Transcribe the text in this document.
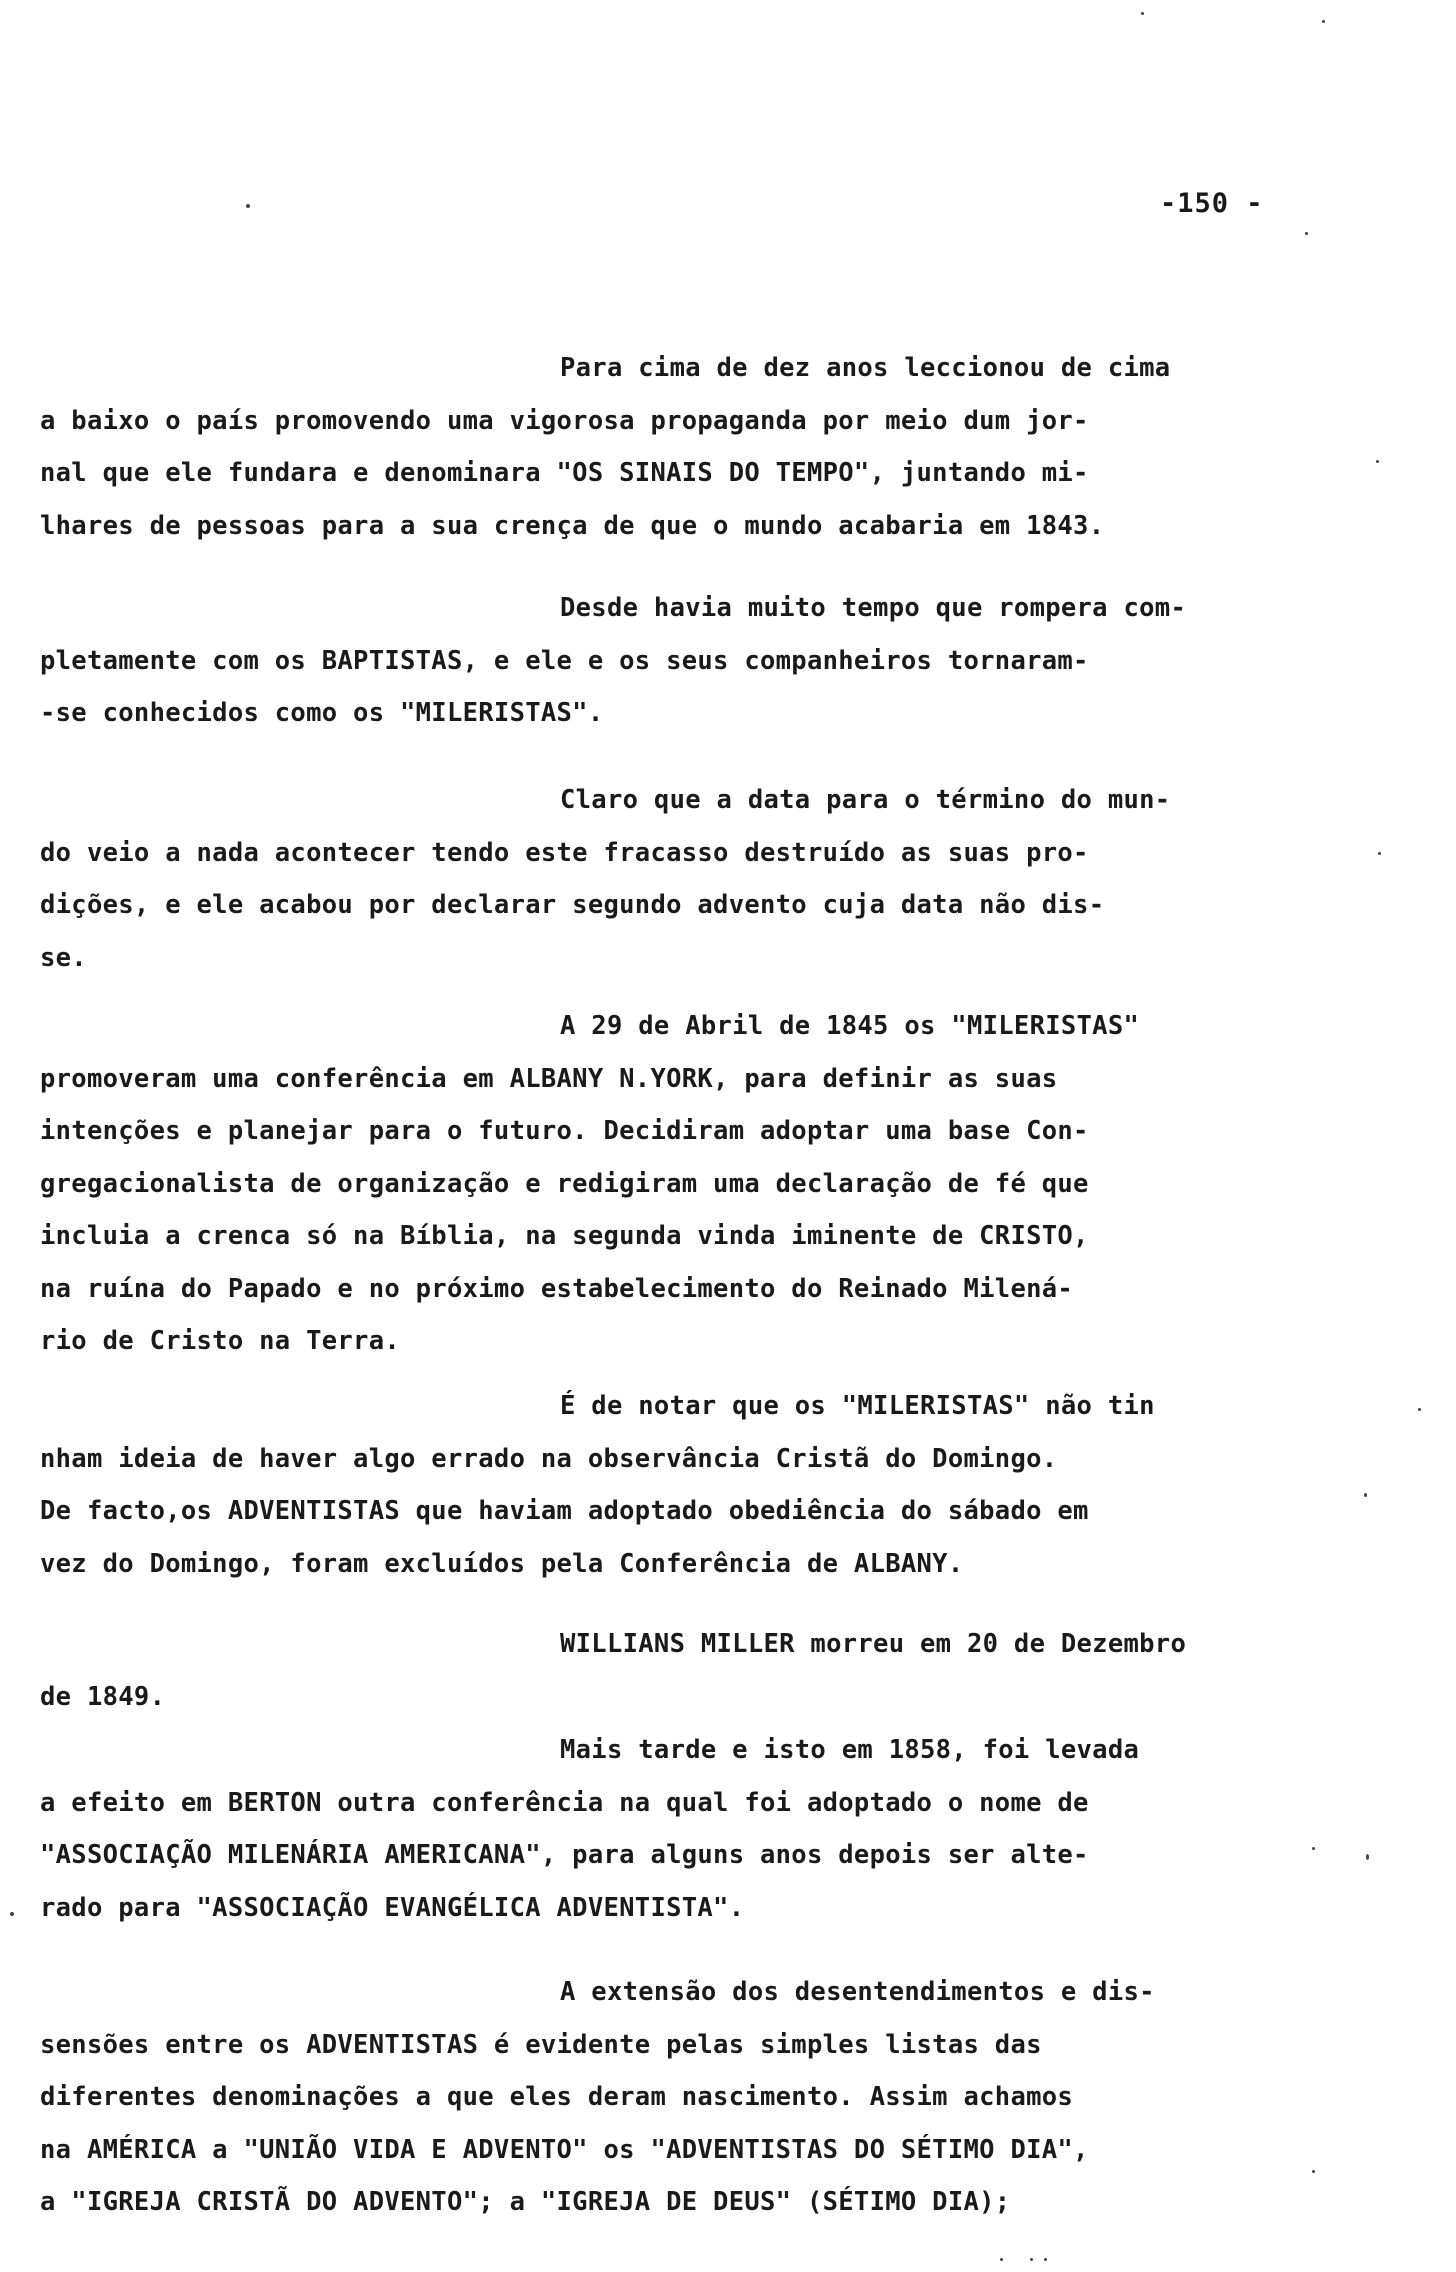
-150 -
Para cima de dez anos leccionou de cima
a baixo o país promovendo uma vigorosa propaganda por meio dum jor-
nal que ele fundara e denominara "OS SINAIS DO TEMPO", juntando mi-
lhares de pessoas para a sua crença de que o mundo acabaria em 1843.
Desde havia muito tempo que rompera com-
pletamente com os BAPTISTAS, e ele e os seus companheiros tornaram-
-se conhecidos como os "MILERISTAS".
Claro que a data para o término do mun-
do veio a nada acontecer tendo este fracasso destruído as suas pro-
dições, e ele acabou por declarar segundo advento cuja data não dis-
se.
A 29 de Abril de 1845 os "MILERISTAS"
promoveram uma conferência em ALBANY N.YORK, para definir as suas
intenções e planejar para o futuro. Decidiram adoptar uma base Con-
gregacionalista de organização e redigiram uma declaração de fé que
incluia a crenca só na Bíblia, na segunda vinda iminente de CRISTO,
na ruína do Papado e no próximo estabelecimento do Reinado Milená-
rio de Cristo na Terra.
É de notar que os "MILERISTAS" não tin
nham ideia de haver algo errado na observância Cristã do Domingo.
De facto,os ADVENTISTAS que haviam adoptado obediência do sábado em
vez do Domingo, foram excluídos pela Conferência de ALBANY.
WILLIANS MILLER morreu em 20 de Dezembro
de 1849.
Mais tarde e isto em 1858, foi levada
a efeito em BERTON outra conferência na qual foi adoptado o nome de
"ASSOCIAÇÃO MILENÁRIA AMERICANA", para alguns anos depois ser alte-
rado para "ASSOCIAÇÃO EVANGÉLICA ADVENTISTA".
A extensão dos desentendimentos e dis-
sensões entre os ADVENTISTAS é evidente pelas simples listas das
diferentes denominações a que eles deram nascimento. Assim achamos
na AMÉRICA a "UNIÃO VIDA E ADVENTO" os "ADVENTISTAS DO SÉTIMO DIA",
a "IGREJA CRISTÃ DO ADVENTO"; a "IGREJA DE DEUS" (SÉTIMO DIA);
